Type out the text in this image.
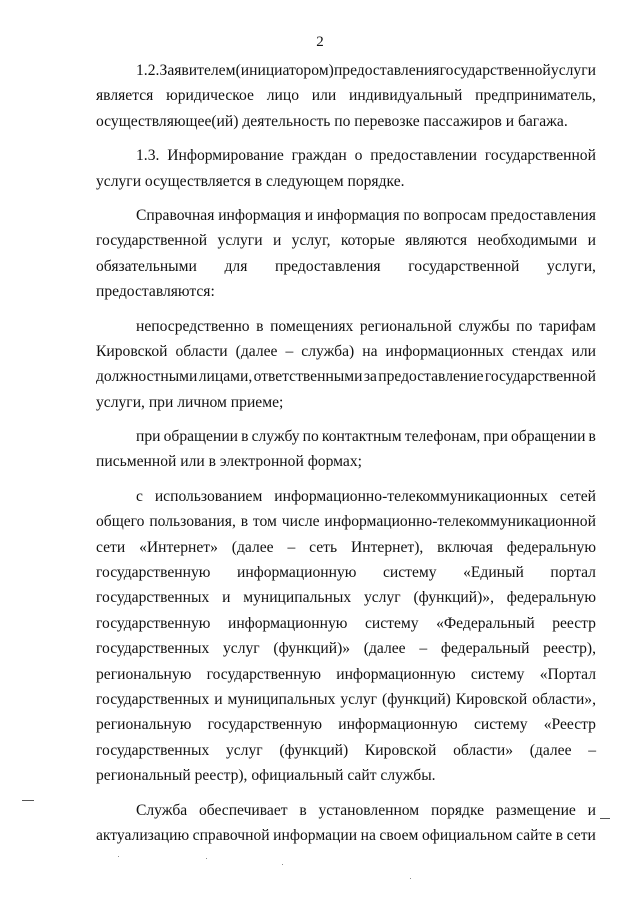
2
1.2. Заявителем (инициатором) предоставления государственной услуги
является юридическое лицо или индивидуальный предприниматель,
осуществляющее(ий) деятельность по перевозке пассажиров и багажа.
1.3. Информирование граждан о предоставлении государственной
услуги осуществляется в следующем порядке.
Справочная информация и информация по вопросам предоставления
государственной услуги и услуг, которые являются необходимыми и
обязательными для предоставления государственной услуги,
предоставляются:
непосредственно в помещениях региональной службы по тарифам
Кировской области (далее – служба) на информационных стендах или
должностными лицами, ответственными за предоставление государственной
услуги, при личном приеме;
при обращении в службу по контактным телефонам, при обращении в
письменной или в электронной формах;
с использованием информационно-телекоммуникационных сетей
общего пользования, в том числе информационно-телекоммуникационной
сети «Интернет» (далее – сеть Интернет), включая федеральную
государственную информационную систему «Единый портал
государственных и муниципальных услуг (функций)», федеральную
государственную информационную систему «Федеральный реестр
государственных услуг (функций)» (далее – федеральный реестр),
региональную государственную информационную систему «Портал
государственных и муниципальных услуг (функций) Кировской области»,
региональную государственную информационную систему «Реестр
государственных услуг (функций) Кировской области» (далее –
региональный реестр), официальный сайт службы.
Служба обеспечивает в установленном порядке размещение и
актуализацию справочной информации на своем официальном сайте в сети
